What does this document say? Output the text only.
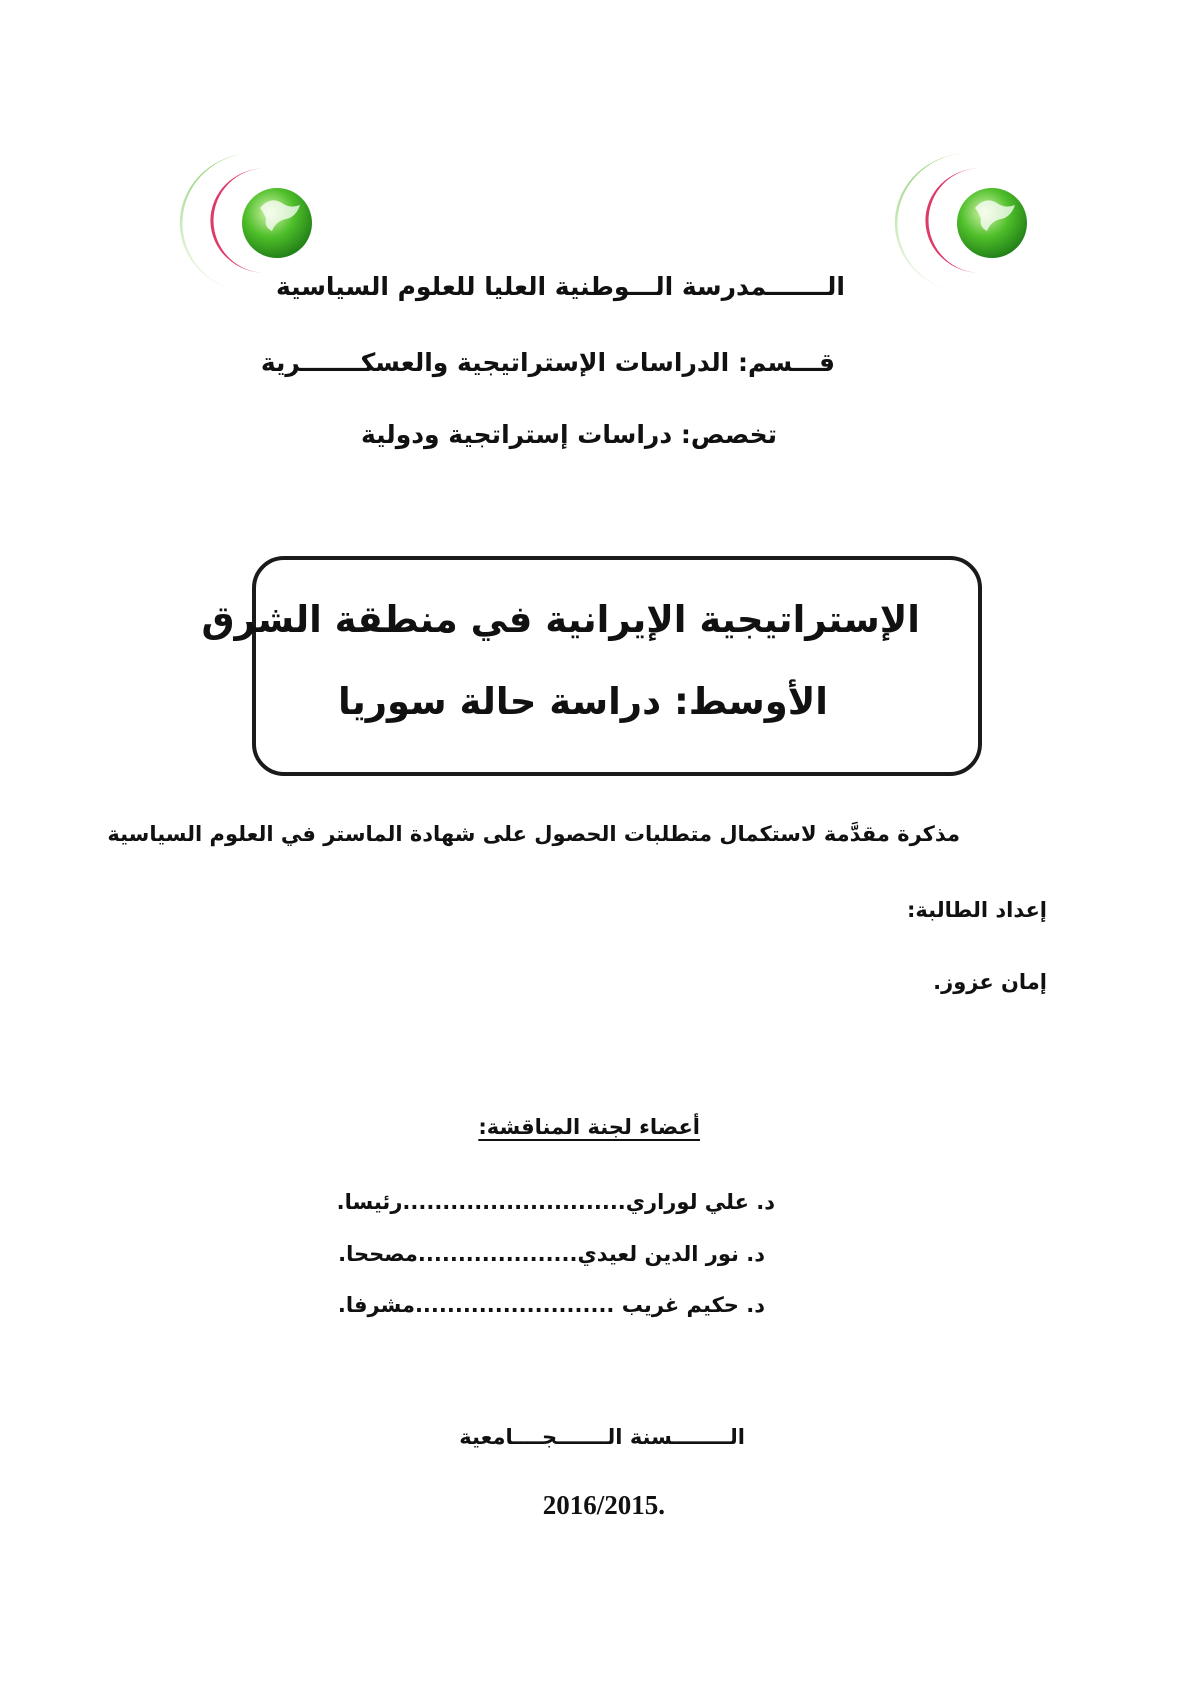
الـــــــمدرسة الـــوطنية العليا للعلوم السياسية
قـــسم: الدراسات الإستراتيجية والعسكـــــــرية
تخصص: دراسات إستراتجية ودولية
الإستراتيجية الإيرانية في منطقة الشرق
الأوسط: دراسة حالة سوريا
مذكرة مقدَّمة لاستكمال متطلبات الحصول على شهادة الماستر في العلوم السياسية
إعداد الطالبة:
إمان عزوز.
أعضاء لجنة المناقشة:
د. علي لوراري............................رئيسا.
د. نور الدين لعيدي....................مصححا.
د. حكيم غريب .........................مشرفا.
الــــــــسنة الـــــــجــــامعية
.2016/2015
